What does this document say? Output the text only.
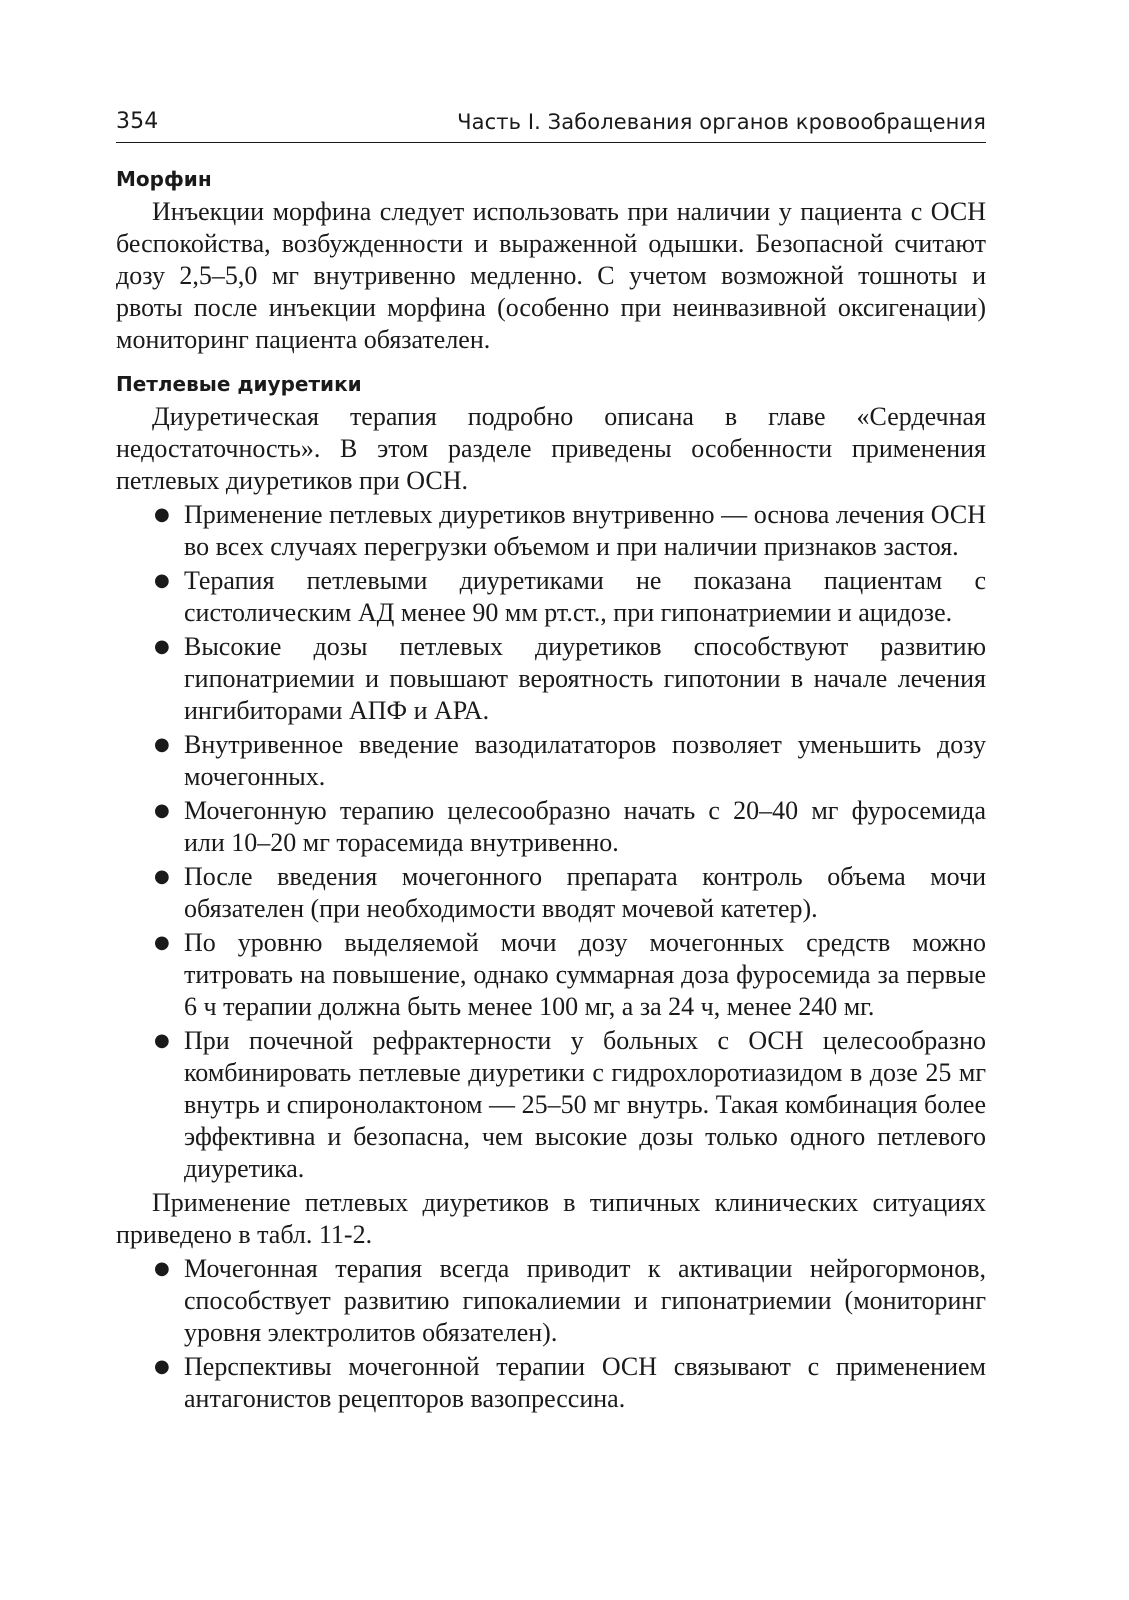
354	Часть I. Заболевания органов кровообращения
Морфин

Инъекции морфина следует использовать при наличии у пациента с ОСН беспокойства, возбужденности и выраженной одышки. Безопасной считают дозу 2,5–5,0 мг внутривенно медленно. С учетом возможной тошноты и рвоты после инъекции морфина (особенно при неинвазивной оксигенации) мониторинг пациента обязателен.

Петлевые диуретики

Диуретическая терапия подробно описана в главе «Сердечная недостаточность». В этом разделе приведены особенности применения петлевых диуретиков при ОСН.

● Применение петлевых диуретиков внутривенно — основа лечения ОСН во всех случаях перегрузки объемом и при наличии признаков застоя.
● Терапия петлевыми диуретиками не показана пациентам с систолическим АД менее 90 мм рт.ст., при гипонатриемии и ацидозе.
● Высокие дозы петлевых диуретиков способствуют развитию гипонатриемии и повышают вероятность гипотонии в начале лечения ингибиторами АПФ и АРА.
● Внутривенное введение вазодилататоров позволяет уменьшить дозу мочегонных.
● Мочегонную терапию целесообразно начать с 20–40 мг фуросемида или 10–20 мг торасемида внутривенно.
● После введения мочегонного препарата контроль объема мочи обязателен (при необходимости вводят мочевой катетер).
● По уровню выделяемой мочи дозу мочегонных средств можно титровать на повышение, однако суммарная доза фуросемида за первые 6 ч терапии должна быть менее 100 мг, а за 24 ч, менее 240 мг.
● При почечной рефрактерности у больных с ОСН целесообразно комбинировать петлевые диуретики с гидрохлоротиазидом в дозе 25 мг внутрь и спиронолактоном — 25–50 мг внутрь. Такая комбинация более эффективна и безопасна, чем высокие дозы только одного петлевого диуретика.

Применение петлевых диуретиков в типичных клинических ситуациях приведено в табл. 11-2.

● Мочегонная терапия всегда приводит к активации нейрогормонов, способствует развитию гипокалиемии и гипонатриемии (мониторинг уровня электролитов обязателен).
● Перспективы мочегонной терапии ОСН связывают с применением антагонистов рецепторов вазопрессина.
